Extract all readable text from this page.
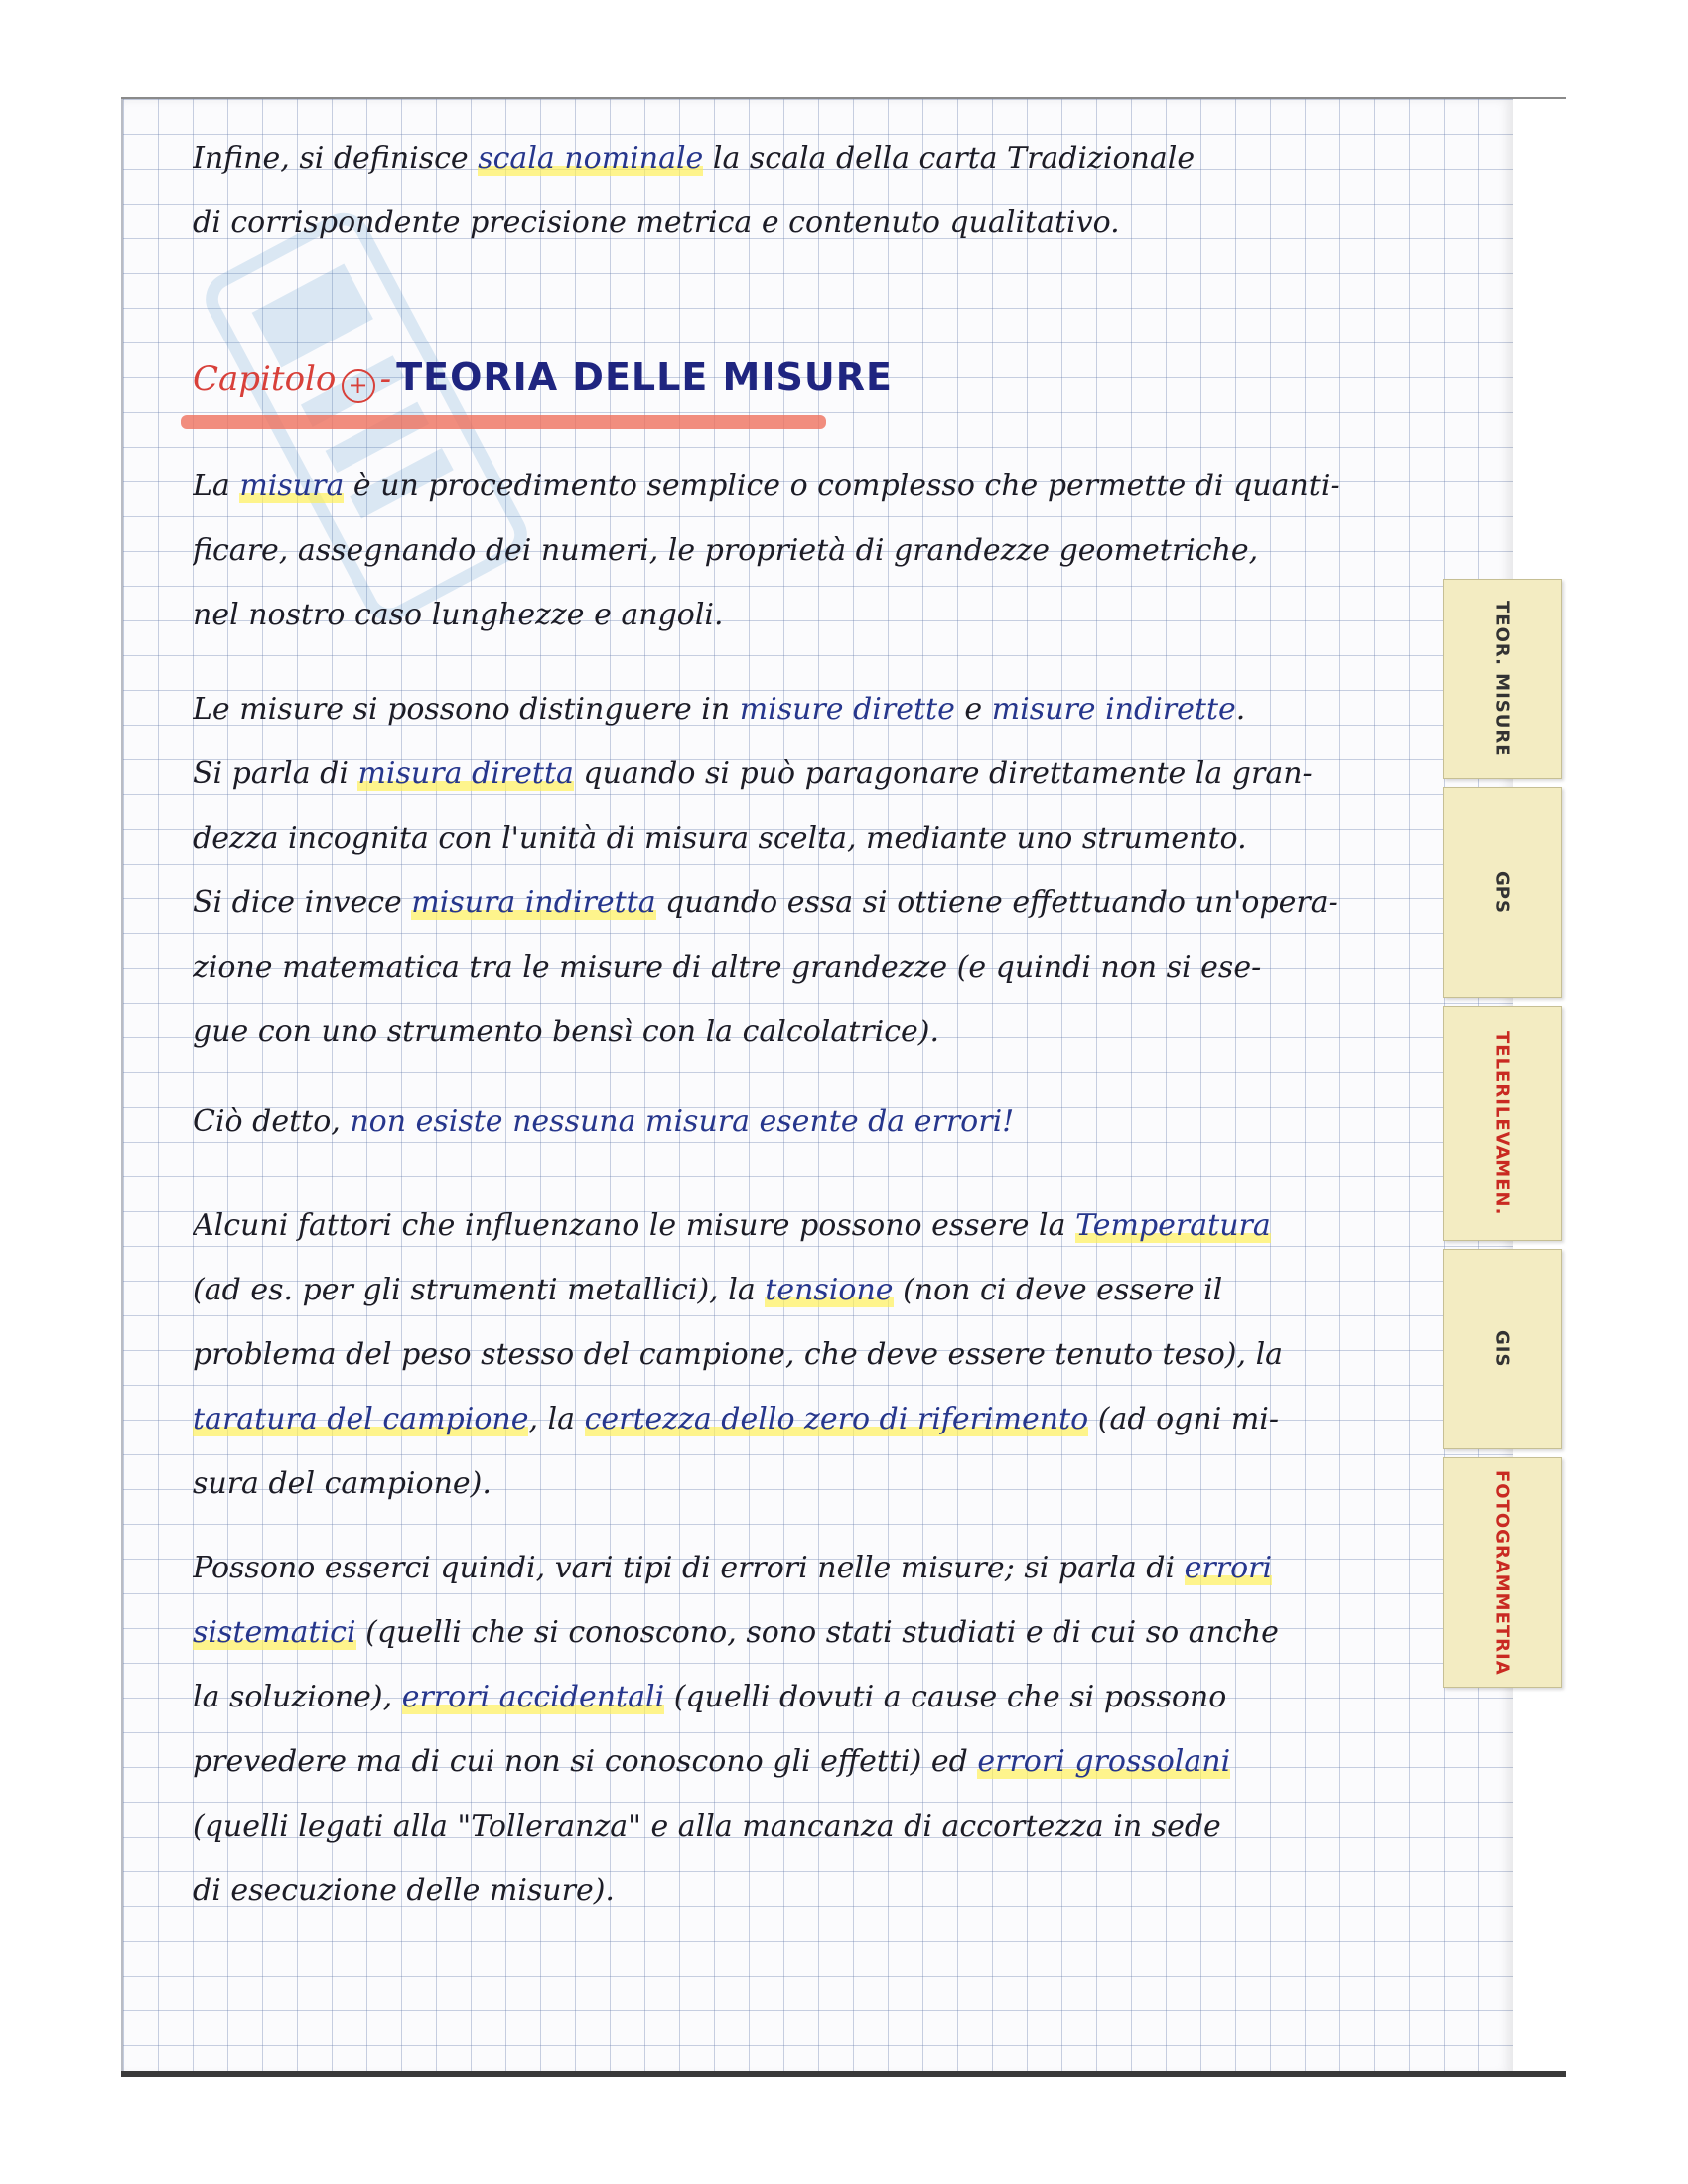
Infine, si definisce scala nominale la scala della carta Tradizionale
di corrispondente precisione metrica e contenuto qualitativo.
Capitolo + - TEORIA DELLE MISURE
La misura è un procedimento semplice o complesso che permette di quanti-
ficare, assegnando dei numeri, le proprietà di grandezze geometriche,
nel nostro caso lunghezze e angoli.
Le misure si possono distinguere in misure dirette e misure indirette.
Si parla di misura diretta quando si può paragonare direttamente la gran-
dezza incognita con l'unità di misura scelta, mediante uno strumento.
Si dice invece misura indiretta quando essa si ottiene effettuando un'opera-
zione matematica tra le misure di altre grandezze (e quindi non si ese-
gue con uno strumento bensì con la calcolatrice).
Ciò detto, non esiste nessuna misura esente da errori!
Alcuni fattori che influenzano le misure possono essere la Temperatura
(ad es. per gli strumenti metallici), la tensione (non ci deve essere il
problema del peso stesso del campione, che deve essere tenuto teso), la
taratura del campione, la certezza dello zero di riferimento (ad ogni mi-
sura del campione).
Possono esserci quindi, vari tipi di errori nelle misure; si parla di errori
sistematici (quelli che si conoscono, sono stati studiati e di cui so anche
la soluzione), errori accidentali (quelli dovuti a cause che si possono
prevedere ma di cui non si conoscono gli effetti) ed errori grossolani
(quelli legati alla "Tolleranza" e alla mancanza di accortezza in sede
di esecuzione delle misure).
TEOR. MISURE
GPS
TELERILEVAMEN.
GIS
FOTOGRAMMETRIA
